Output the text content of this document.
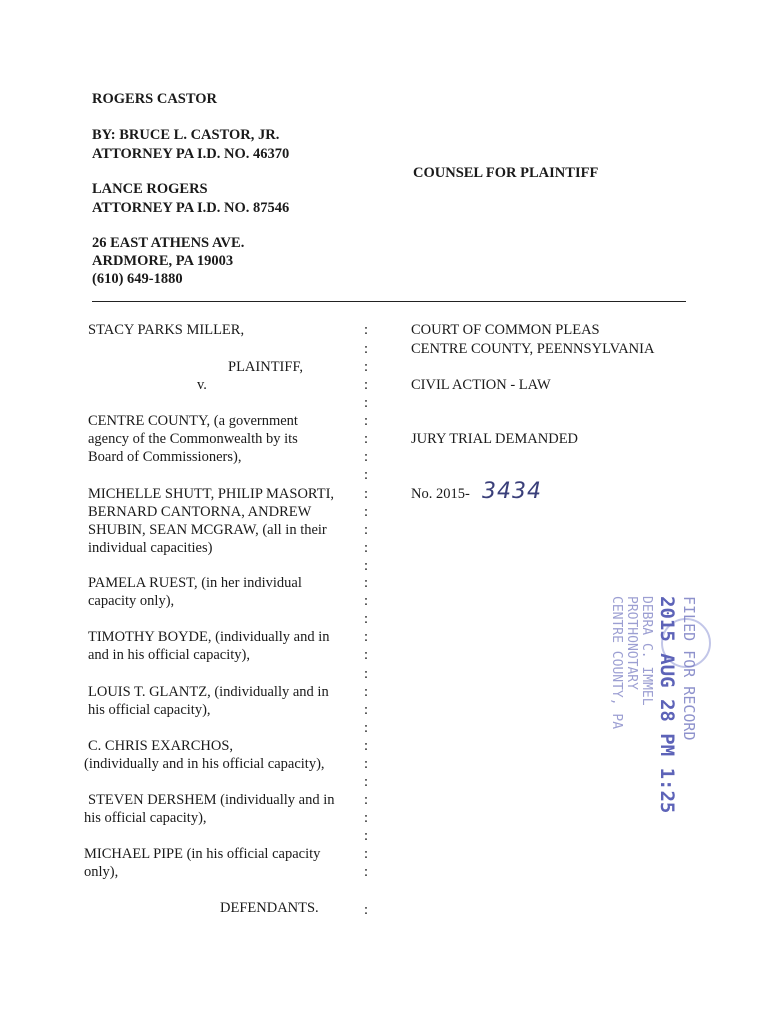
ROGERS CASTOR
BY: BRUCE L. CASTOR, JR.
ATTORNEY PA I.D. NO. 46370
LANCE ROGERS
ATTORNEY PA I.D. NO. 87546
26 EAST ATHENS AVE.
ARDMORE, PA 19003
(610) 649-1880
COUNSEL FOR PLAINTIFF
STACY PARKS MILLER,
PLAINTIFF,
v.
CENTRE COUNTY, (a government
agency of the Commonwealth by its
Board of Commissioners),
MICHELLE SHUTT, PHILIP MASORTI,
BERNARD CANTORNA, ANDREW
SHUBIN, SEAN MCGRAW, (all in their
individual capacities)
PAMELA RUEST, (in her individual
capacity only),
TIMOTHY BOYDE, (individually and in
and in his official capacity),
LOUIS T. GLANTZ, (individually and in
his official capacity),
C. CHRIS EXARCHOS,
(individually and in his official capacity),
STEVEN DERSHEM (individually and in
his official capacity),
MICHAEL PIPE (in his official capacity
only),
DEFENDANTS.
:
:
:
:
:
:
:
:
:
:
:
:
:
:
:
:
:
:
:
:
:
:
:
:
:
:
:
:
:
:
:
:
COURT OF COMMON PLEAS
CENTRE COUNTY, PEENNSYLVANIA
CIVIL ACTION - LAW
JURY TRIAL DEMANDED
No. 2015- 3434
FILED FOR RECORD
2015 AUG 28 PM 1:25
DEBRA C. IMMEL
PROTHONOTARY
CENTRE COUNTY, PA
